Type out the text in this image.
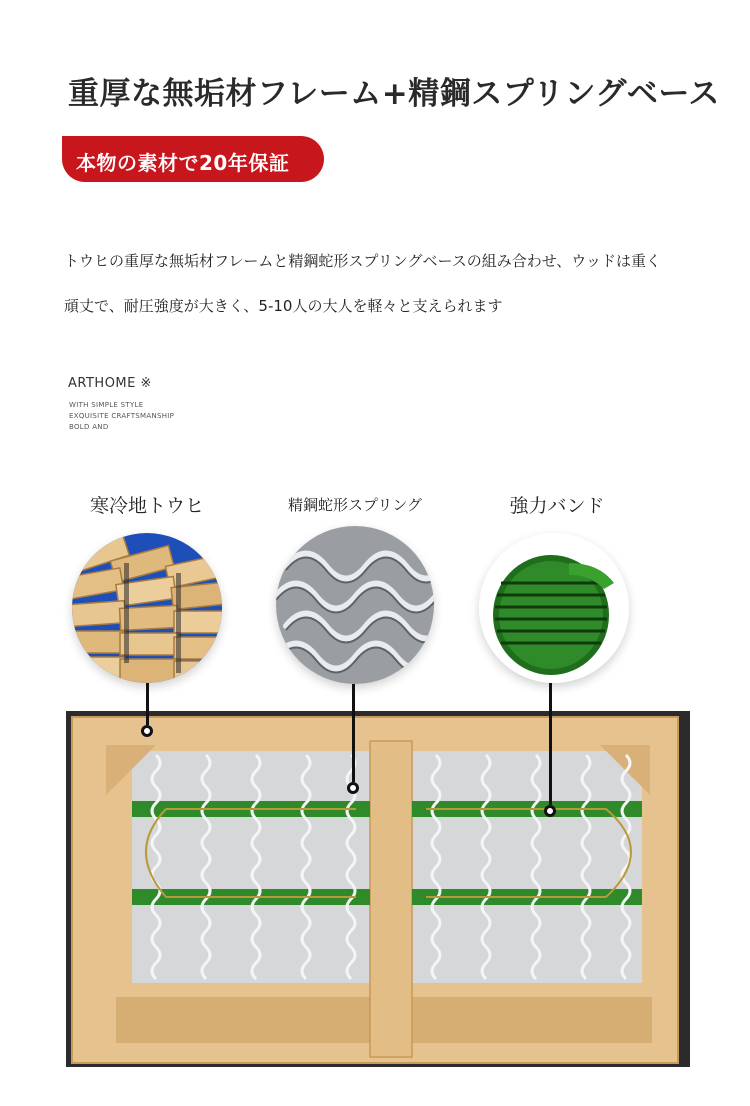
重厚な無垢材フレーム+精鋼スプリングベース
本物の素材で20年保証
トウヒの重厚な無垢材フレームと精鋼蛇形スプリングベースの組み合わせ、ウッドは重く
頑丈で、耐圧強度が大きく、5-10人の大人を軽々と支えられます
ARTHOME ※
WITH SIMPLE STYLE
EXQUISITE CRAFTSMANSHIP
BOLD AND
寒冷地トウヒ	精鋼蛇形スプリング	強力バンド
